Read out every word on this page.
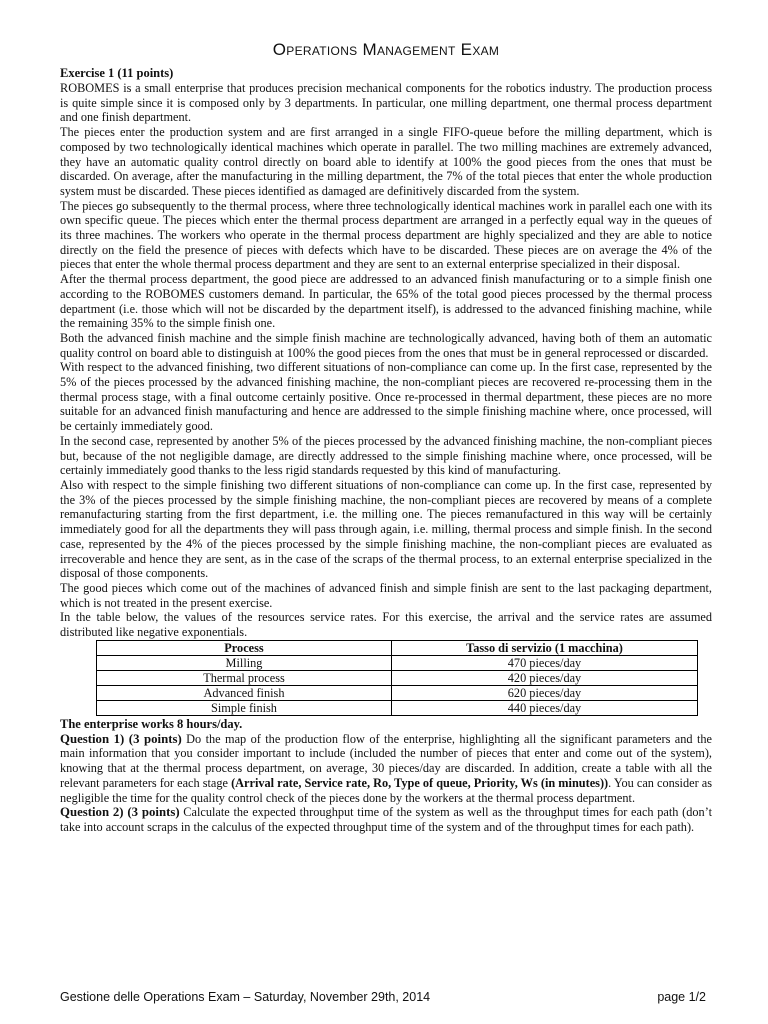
Operations Management Exam
Exercise 1 (11 points)

ROBOMES is a small enterprise that produces precision mechanical components for the robotics industry. The production process is quite simple since it is composed only by 3 departments. In particular, one milling department, one thermal process department and one finish department.

The pieces enter the production system and are first arranged in a single FIFO-queue before the milling department, which is composed by two technologically identical machines which operate in parallel. The two milling machines are extremely advanced, they have an automatic quality control directly on board able to identify at 100% the good pieces from the ones that must be discarded. On average, after the manufacturing in the milling department, the 7% of the total pieces that enter the whole production system must be discarded. These pieces identified as damaged are definitively discarded from the system.

The pieces go subsequently to the thermal process, where three technologically identical machines work in parallel each one with its own specific queue. The pieces which enter the thermal process department are arranged in a perfectly equal way in the queues of its three machines. The workers who operate in the thermal process department are highly specialized and they are able to notice directly on the field the presence of pieces with defects which have to be discarded. These pieces are on average the 4% of the pieces that enter the whole thermal process department and they are sent to an external enterprise specialized in their disposal.

After the thermal process department, the good piece are addressed to an advanced finish manufacturing or to a simple finish one according to the ROBOMES customers demand. In particular, the 65% of the total good pieces processed by the thermal process department (i.e. those which will not be discarded by the department itself), is addressed to the advanced finishing machine, while the remaining 35% to the simple finish one.

Both the advanced finish machine and the simple finish machine are technologically advanced, having both of them an automatic quality control on board able to distinguish at 100% the good pieces from the ones that must be in general reprocessed or discarded.

With respect to the advanced finishing, two different situations of non-compliance can come up. In the first case, represented by the 5% of the pieces processed by the advanced finishing machine, the non-compliant pieces are recovered re-processing them in the thermal process stage, with a final outcome certainly positive. Once re-processed in thermal department, these pieces are no more suitable for an advanced finish manufacturing and hence are addressed to the simple finishing machine where, once processed, will be certainly immediately good.

In the second case, represented by another 5% of the pieces processed by the advanced finishing machine, the non-compliant pieces but, because of the not negligible damage, are directly addressed to the simple finishing machine where, once processed, will be certainly immediately good thanks to the less rigid standards requested by this kind of manufacturing.

Also with respect to the simple finishing two different situations of non-compliance can come up. In the first case, represented by the 3% of the pieces processed by the simple finishing machine, the non-compliant pieces are recovered by means of a complete remanufacturing starting from the first department, i.e. the milling one. The pieces remanufactured in this way will be certainly immediately good for all the departments they will pass through again, i.e. milling, thermal process and simple finish. In the second case, represented by the 4% of the pieces processed by the simple finishing machine, the non-compliant pieces are evaluated as irrecoverable and hence they are sent, as in the case of the scraps of the thermal process, to an external enterprise specialized in the disposal of those components.

The good pieces which come out of the machines of advanced finish and simple finish are sent to the last packaging department, which is not treated in the present exercise.

In the table below, the values of the resources service rates. For this exercise, the arrival and the service rates are assumed distributed like negative exponentials.

Process	Tasso di servizio (1 macchina)
Milling	470 pieces/day
Thermal process	420 pieces/day
Advanced finish	620 pieces/day
Simple finish	440 pieces/day
The enterprise works 8 hours/day.

Question 1) (3 points) Do the map of the production flow of the enterprise, highlighting all the significant parameters and the main information that you consider important to include (included the number of pieces that enter and come out of the system), knowing that at the thermal process department, on average, 30 pieces/day are discarded. In addition, create a table with all the relevant parameters for each stage (Arrival rate, Service rate, Ro, Type of queue, Priority, Ws (in minutes)). You can consider as negligible the time for the quality control check of the pieces done by the workers at the thermal process department.

Question 2) (3 points) Calculate the expected throughput time of the system as well as the throughput times for each path (don’t take into account scraps in the calculus of the expected throughput time of the system and of the throughput times for each path).

Gestione delle Operations Exam – Saturday, November 29th, 2014	page 1/2
